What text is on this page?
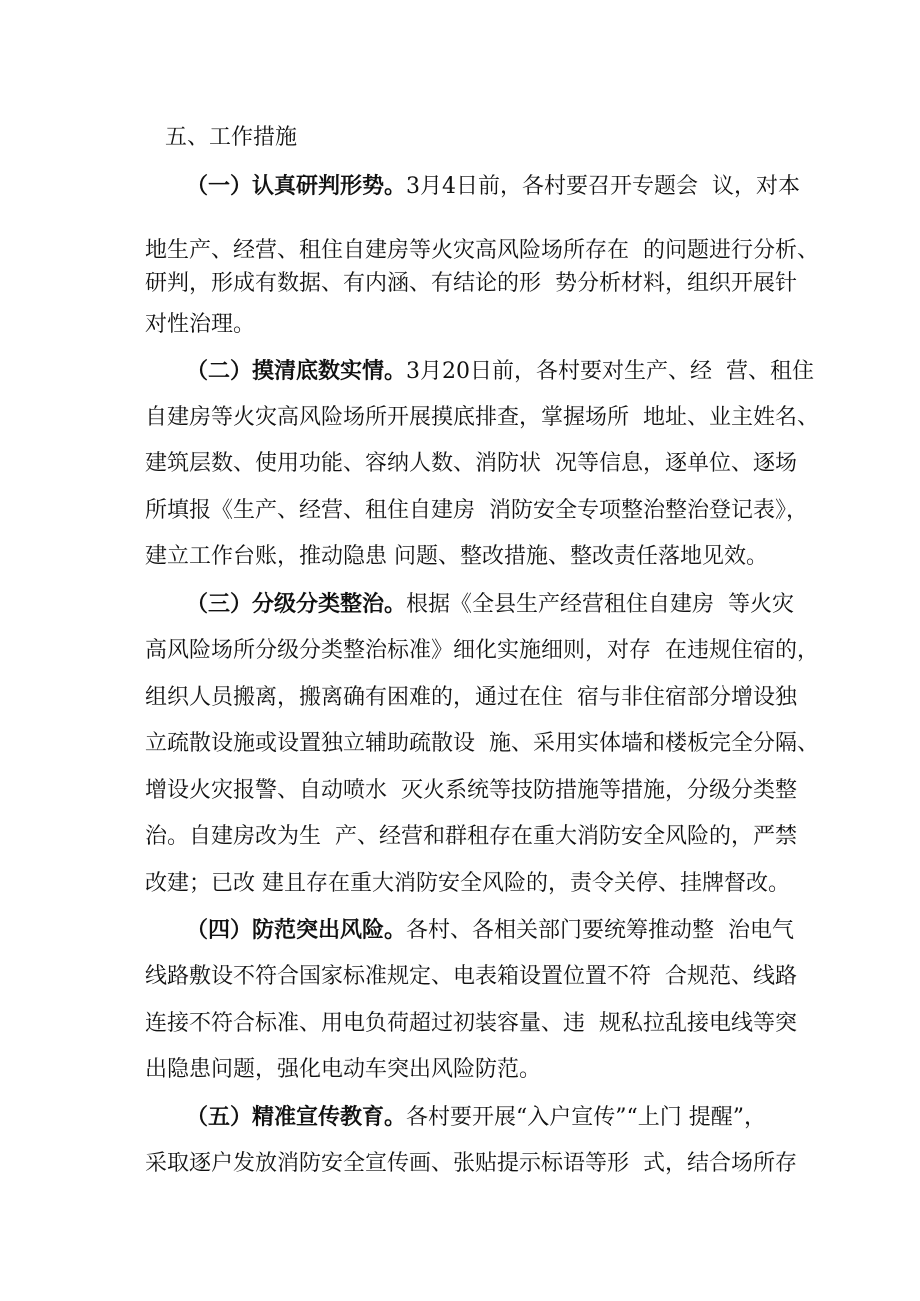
五、工作措施
（一）认真研判形势。3月4日前，各村要召开专题会  议，对本
地生产、经营、租住自建房等火灾高风险场所存在  的问题进行分析、
研判，形成有数据、有内涵、有结论的形  势分析材料，组织开展针
对性治理。
（二）摸清底数实情。3月20日前，各村要对生产、经  营、租住
自建房等火灾高风险场所开展摸底排查，掌握场所  地址、业主姓名、
建筑层数、使用功能、容纳人数、消防状  况等信息，逐单位、逐场
所填报《生产、经营、租住自建房  消防安全专项整治整治登记表》，
建立工作台账，推动隐患 问题、整改措施、整改责任落地见效。
（三）分级分类整治。根据《全县生产经营租住自建房  等火灾
高风险场所分级分类整治标准》细化实施细则，对存  在违规住宿的，
组织人员搬离，搬离确有困难的，通过在住  宿与非住宿部分增设独
立疏散设施或设置独立辅助疏散设  施、采用实体墙和楼板完全分隔、
增设火灾报警、自动喷水  灭火系统等技防措施等措施，分级分类整
治。自建房改为生  产、经营和群租存在重大消防安全风险的，严禁
改建；已改 建且存在重大消防安全风险的，责令关停、挂牌督改。
（四）防范突出风险。各村、各相关部门要统筹推动整  治电气
线路敷设不符合国家标准规定、电表箱设置位置不符  合规范、线路
连接不符合标准、用电负荷超过初装容量、违  规私拉乱接电线等突
出隐患问题，强化电动车突出风险防范。
（五）精准宣传教育。各村要开展“入户宣传”“上门 提醒”，
采取逐户发放消防安全宣传画、张贴提示标语等形  式，结合场所存
